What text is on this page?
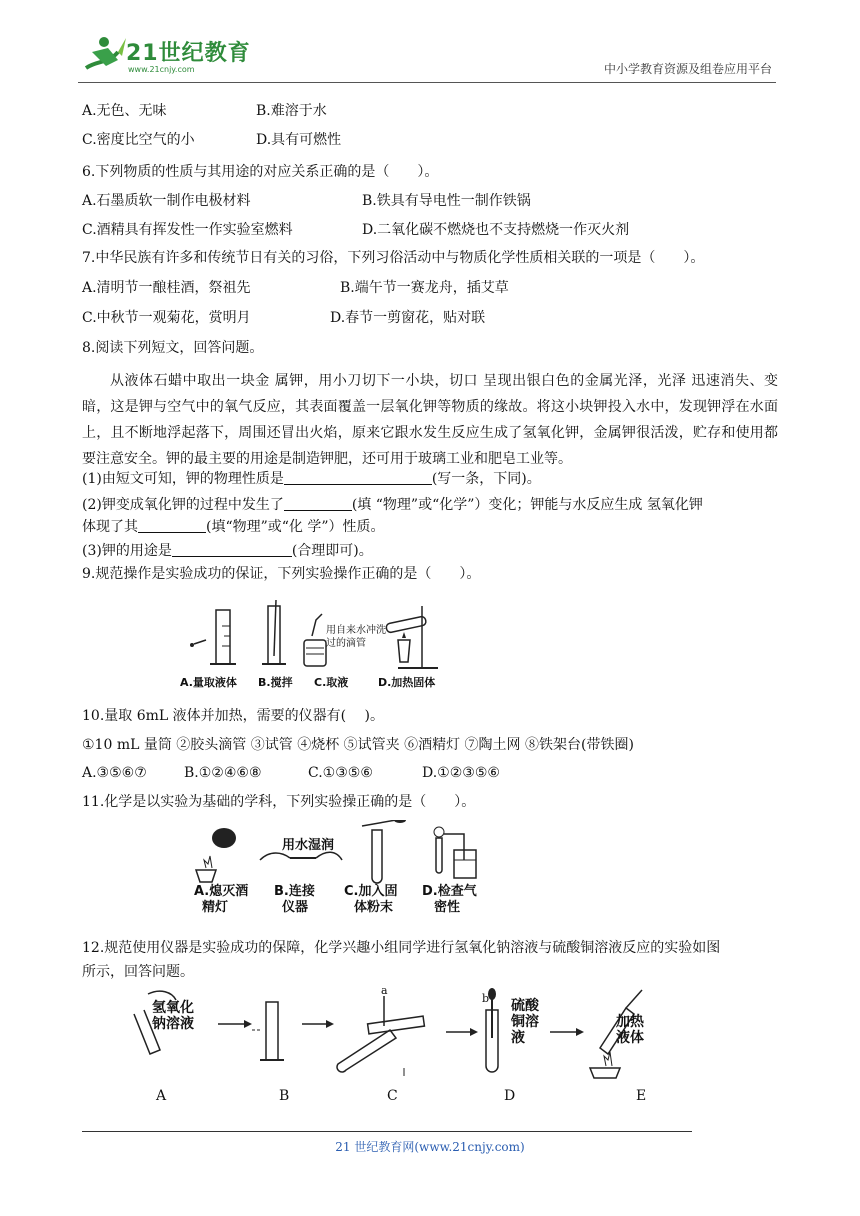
21世纪教育
www.21cnjy.com	中小学教育资源及组卷应用平台
A.无色、无味	B.难溶于水
C.密度比空气的小	D.具有可燃性
6.下列物质的性质与其用途的对应关系正确的是（　　）。
A.石墨质软一制作电极材料	B.铁具有导电性一制作铁锅
C.酒精具有挥发性一作实验室燃料	D.二氧化碳不燃烧也不支持燃烧一作灭火剂
7.中华民族有许多和传统节日有关的习俗，下列习俗活动中与物质化学性质相关联的一项是（　　）。
A.清明节一酿桂酒，祭祖先	B.端午节一赛龙舟，插艾草
C.中秋节一观菊花，赏明月	D.春节一剪窗花，贴对联
8.阅读下列短文，回答问题。
从液体石蜡中取出一块金 属钾，用小刀切下一小块，切口 呈现出银白色的金属光泽，光泽 迅速消失、变暗，这是钾与空气中的氧气反应，其表面覆盖一层氧化钾等物质的缘故。将这小块钾投入水中，发现钾浮在水面上，且不断地浮起落下，周围还冒出火焰，原来它跟水发生反应生成了氢氧化钾，金属钾很活泼，贮存和使用都要注意安全。钾的最主要的用途是制造钾肥，还可用于玻璃工业和肥皂工业等。
(1)由短文可知，钾的物理性质是	(写一条，下同)。
(2)钾变成氧化钾的过程中发生了	(填 “物理”或“化学”）变化；钾能与水反应生成 氢氧化钾
体现了其	(填“物理”或“化 学”）性质。
(3)钾的用途是	(合理即可)。
9.规范操作是实验成功的保证，下列实验操作正确的是（　　）。
用自来水冲洗过的滴管
A.量取液体 B.搅拌 C.取液	D.加热固体
10.量取 6mL 液体并加热，需要的仪器有(　 )。
①10 mL 量筒 ②胶头滴管 ③试管 ④烧杯 ⑤试管夹 ⑥酒精灯 ⑦陶土网 ⑧铁架台(带铁圈)
A.③⑤⑥⑦	B.①②④⑥⑧	C.①③⑤⑥	D.①②③⑤⑥
11.化学是以实验为基础的学科，下列实验操正确的是（　　）。
用水湿润
A.熄灭酒
精灯
B.连接
仪器
C.加入固
体粉末
D.检查气
密性
12.规范使用仪器是实验成功的保障，化学兴趣小组同学进行氢氧化钠溶液与硫酸铜溶液反应的实验如图
所示，回答问题。
氢氧化
钠溶液
硫酸
铜溶
液
加热
液体
a
b
A	B	C	D	E
21 世纪教育网(www.21cnjy.com)
